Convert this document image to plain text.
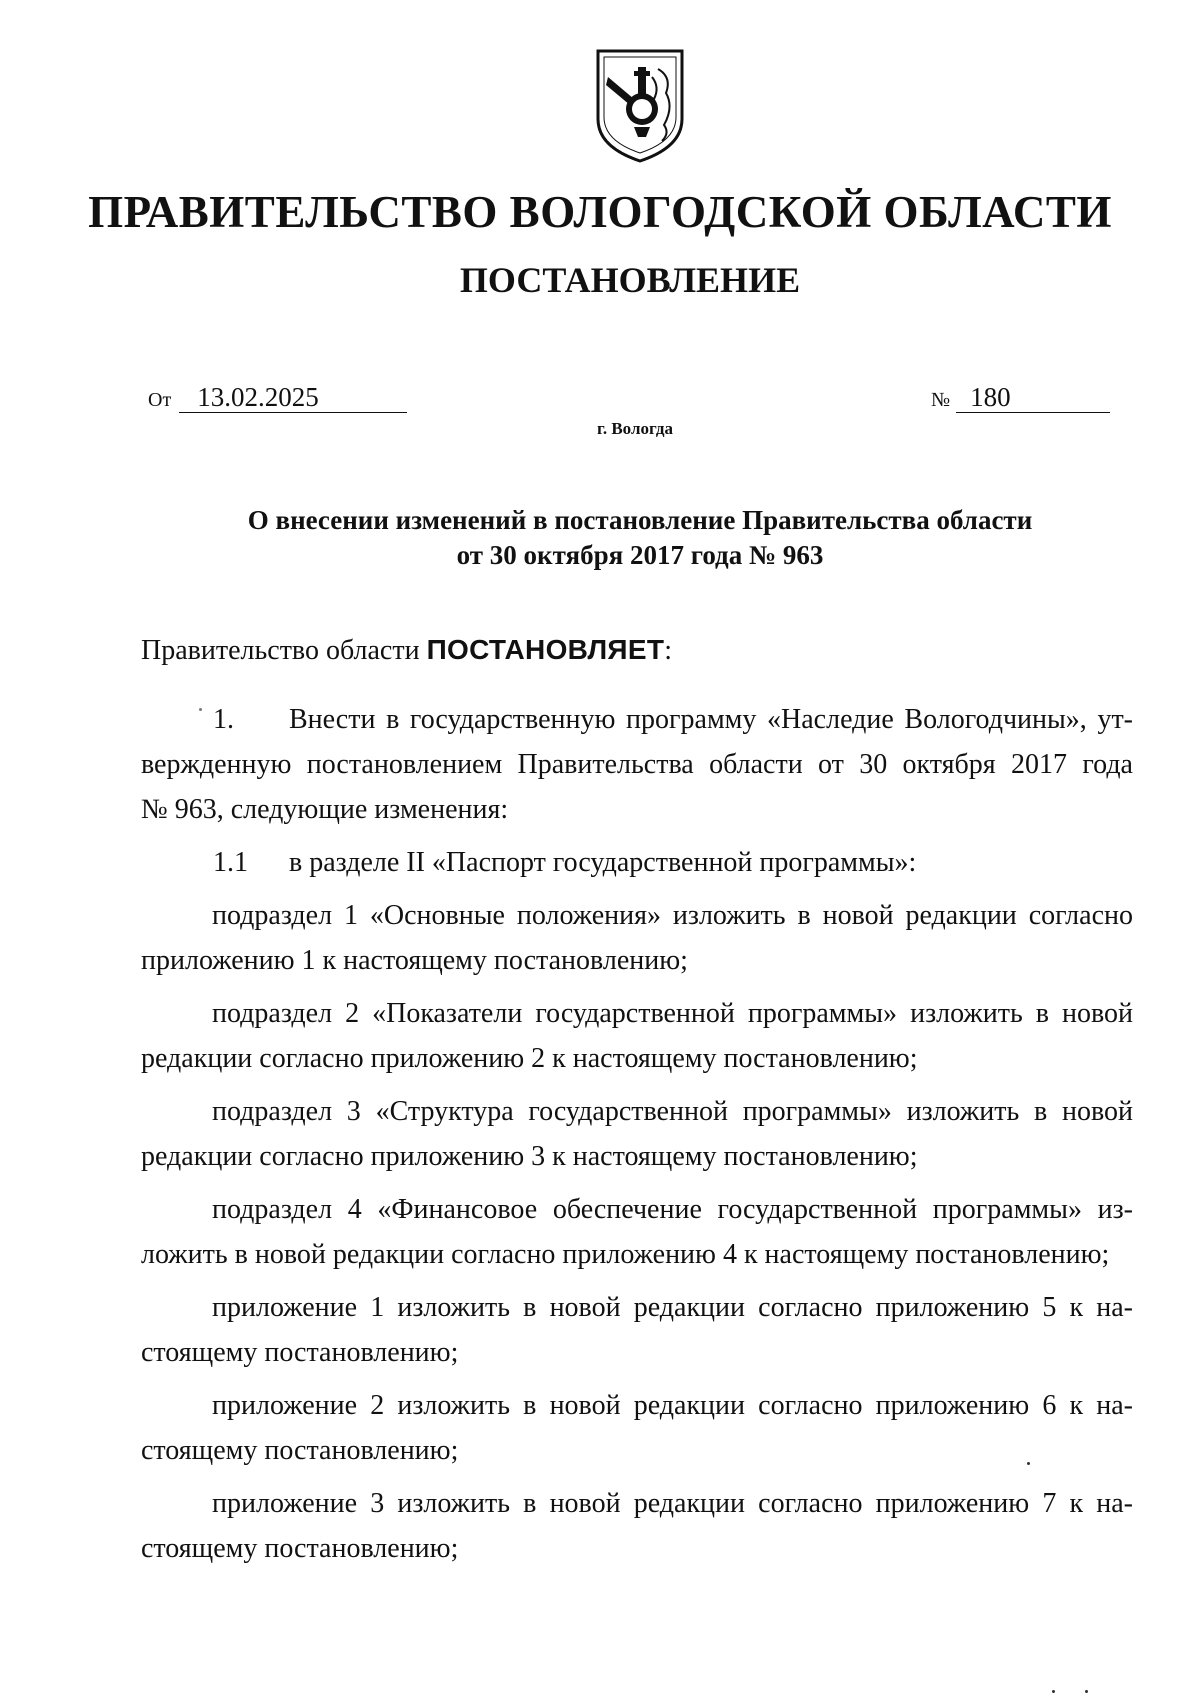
ПРАВИТЕЛЬСТВО ВОЛОГОДСКОЙ ОБЛАСТИ
ПОСТАНОВЛЕНИЕ
От 13.02.2025	№ 180
г. Вологда
О внесении изменений в постановление Правительства области
от 30 октября 2017 года № 963
Правительство области ПОСТАНОВЛЯЕТ:
1. Внести в государственную программу «Наследие Вологодчины», ут-
вержденную постановлением Правительства области от 30 октября 2017 года
№ 963, следующие изменения:
1.1 в разделе II «Паспорт государственной программы»:
подраздел 1 «Основные положения» изложить в новой редакции согласно
приложению 1 к настоящему постановлению;
подраздел 2 «Показатели государственной программы» изложить в новой
редакции согласно приложению 2 к настоящему постановлению;
подраздел 3 «Структура государственной программы» изложить в новой
редакции согласно приложению 3 к настоящему постановлению;
подраздел 4 «Финансовое обеспечение государственной программы» из-
ложить в новой редакции согласно приложению 4 к настоящему постановлению;
приложение 1 изложить в новой редакции согласно приложению 5 к на-
стоящему постановлению;
приложение 2 изложить в новой редакции согласно приложению 6 к на-
стоящему постановлению;
приложение 3 изложить в новой редакции согласно приложению 7 к на-
стоящему постановлению;
